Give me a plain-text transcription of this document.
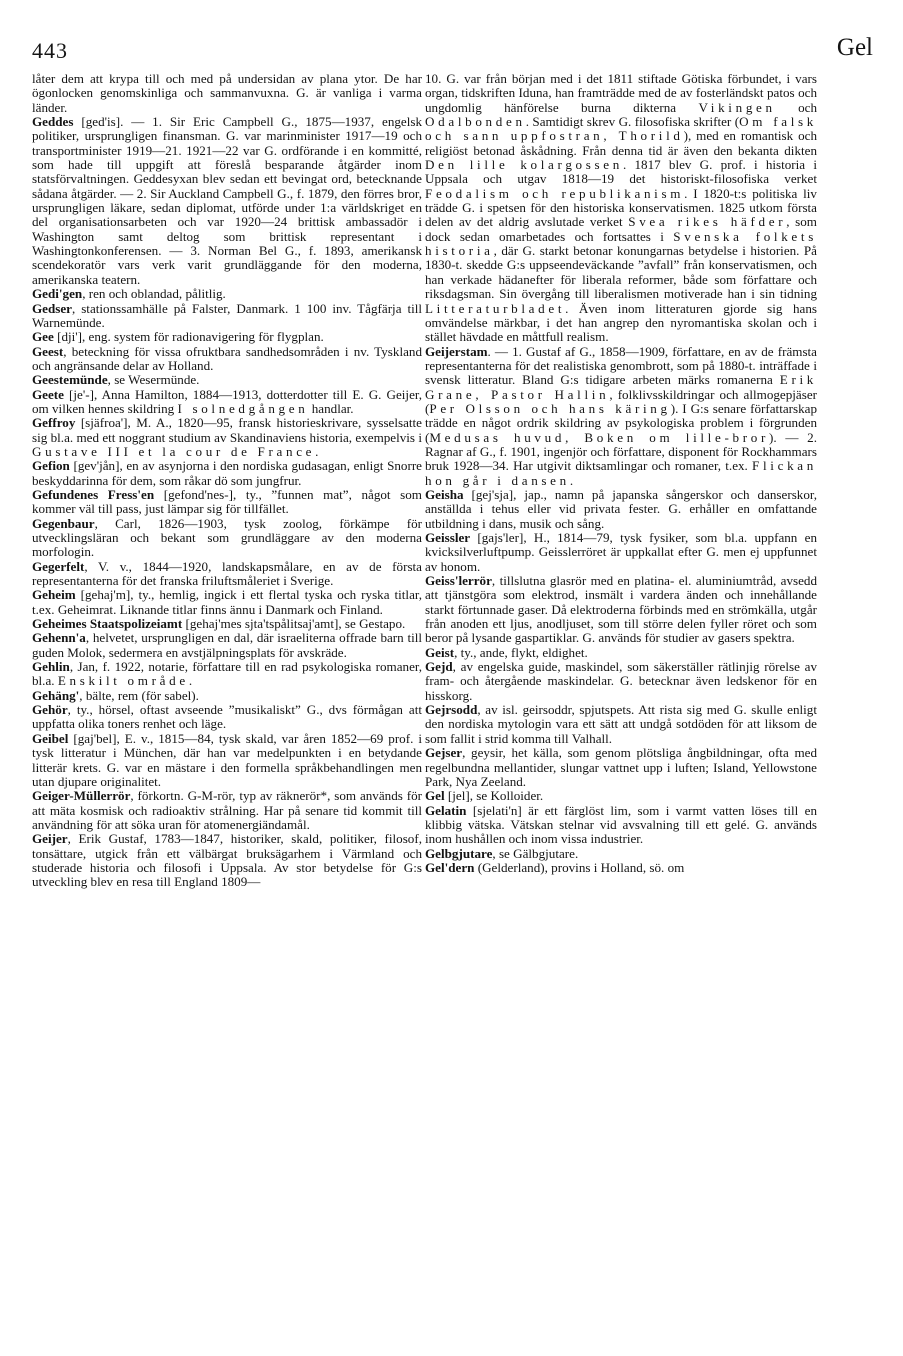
443	Gel

låter dem att krypa till och med på undersidan av plana ytor. De har ögonlocken genomskinliga och sammanvuxna. G. är vanliga i varma länder.

Geddes [ged'is]. — 1. Sir Eric Campbell G., 1875—1937, engelsk politiker, ursprungligen finansman. G. var marinminister 1917—19 och transportminister 1919—21. 1921—22 var G. ordförande i en kommitté, som hade till uppgift att föreslå besparande åtgärder inom statsförvaltningen. Geddesyxan blev sedan ett bevingat ord, betecknande sådana åtgärder. — 2. Sir Auckland Campbell G., f. 1879, den förres bror, ursprungligen läkare, sedan diplomat, utförde under 1:a världskriget en del organisationsarbeten och var 1920—24 brittisk ambassadör i Washington samt deltog som brittisk representant i Washingtonkonferensen. — 3. Norman Bel G., f. 1893, amerikansk scendekoratör vars verk varit grundläggande för den moderna, amerikanska teatern.

Gedi'gen, ren och oblandad, pålitlig.

Gedser, stationssamhälle på Falster, Danmark. 1 100 inv. Tågfärja till Warnemünde.

Gee [dji'], eng. system för radionavigering för flygplan.

Geest, beteckning för vissa ofruktbara sandhedsområden i nv. Tyskland och angränsande delar av Holland.

Geestemünde, se Wesermünde.

Geete [je'-], Anna Hamilton, 1884—1913, dotterdotter till E. G. Geijer, om vilken hennes skildring I solnedgången handlar.

Geffroy [sjäfroa'], M. A., 1820—95, fransk historieskrivare, sysselsatte sig bl.a. med ett noggrant studium av Skandinaviens historia, exempelvis i Gustave III et la cour de France.

Gefion [gev'jån], en av asynjorna i den nordiska gudasagan, enligt Snorre beskyddarinna för dem, som råkar dö som jungfrur.

Gefundenes Fress'en [gefond'nes-], ty., ”funnen mat”, något som kommer väl till pass, just lämpar sig för tillfället.

Gegenbaur, Carl, 1826—1903, tysk zoolog, förkämpe för utvecklingsläran och bekant som grundläggare av den moderna morfologin.

Gegerfelt, V. v., 1844—1920, landskapsmålare, en av de första representanterna för det franska friluftsmåleriet i Sverige.

Geheim [gehaj'm], ty., hemlig, ingick i ett flertal tyska och ryska titlar, t.ex. Geheimrat. Liknande titlar finns ännu i Danmark och Finland.

Geheimes Staatspolizeiamt [gehaj'mes sjta'tspålitsaj'amt], se Gestapo.

Gehenn'a, helvetet, ursprungligen en dal, där israeliterna offrade barn till guden Molok, sedermera en avstjälpningsplats för avskräde.

Gehlin, Jan, f. 1922, notarie, författare till en rad psykologiska romaner, bl.a. Enskilt område.

Gehäng', bälte, rem (för sabel).

Gehör, ty., hörsel, oftast avseende ”musikaliskt” G., dvs förmågan att uppfatta olika toners renhet och läge.

Geibel [gaj'bel], E. v., 1815—84, tysk skald, var åren 1852—69 prof. i tysk litteratur i München, där han var medelpunkten i en betydande litterär krets. G. var en mästare i den formella språkbehandlingen men utan djupare originalitet.

Geiger-Müllerrör, förkortn. G-M-rör, typ av räknerör*, som används för att mäta kosmisk och radioaktiv strålning. Har på senare tid kommit till användning för att söka uran för atomenergiändamål.

Geijer, Erik Gustaf, 1783—1847, historiker, skald, politiker, filosof, tonsättare, utgick från ett välbärgat bruksägarhem i Värmland och studerade historia och filosofi i Uppsala. Av stor betydelse för G:s utveckling blev en resa till England 1809—

10. G. var från början med i det 1811 stiftade Götiska förbundet, i vars organ, tidskriften Iduna, han framträdde med de av fosterländskt patos och ungdomlig hänförelse burna dikterna Vikingen och Odalbonden. Samtidigt skrev G. filosofiska skrifter (Om falsk och sann uppfostran, Thorild), med en romantisk och religiöst betonad åskådning. Från denna tid är även den bekanta dikten Den lille kolargossen. 1817 blev G. prof. i historia i Uppsala och utgav 1818—19 det historiskt-filosofiska verket Feodalism och republikanism. I 1820-t:s politiska liv trädde G. i spetsen för den historiska konservatismen. 1825 utkom första delen av det aldrig avslutade verket Svea rikes häfder, som dock sedan omarbetades och fortsattes i Svenska folkets historia, där G. starkt betonar konungarnas betydelse i historien. På 1830-t. skedde G:s uppseendeväckande ”avfall” från konservatismen, och han verkade hädanefter för liberala reformer, både som författare och riksdagsman. Sin övergång till liberalismen motiverade han i sin tidning Litteraturbladet. Även inom litteraturen gjorde sig hans omvändelse märkbar, i det han angrep den nyromantiska skolan och i stället hävdade en måttfull realism.

Geijerstam. — 1. Gustaf af G., 1858—1909, författare, en av de främsta representanterna för det realistiska genombrott, som på 1880-t. inträffade i svensk litteratur. Bland G:s tidigare arbeten märks romanerna Erik Grane, Pastor Hallin, folklivsskildringar och allmogepjäser (Per Olsson och hans käring). I G:s senare författarskap trädde en något ordrik skildring av psykologiska problem i förgrunden (Medusas huvud, Boken om lille-bror). — 2. Ragnar af G., f. 1901, ingenjör och författare, disponent för Rockhammars bruk 1928—34. Har utgivit diktsamlingar och romaner, t.ex. Flickan hon går i dansen.

Geisha [gej'sja], jap., namn på japanska sångerskor och danserskor, anställda i tehus eller vid privata fester. G. erhåller en omfattande utbildning i dans, musik och sång.

Geissler [gajs'ler], H., 1814—79, tysk fysiker, som bl.a. uppfann en kvicksilverluftpump. Geisslerröret är uppkallat efter G. men ej uppfunnet av honom.

Geiss'lerrör, tillslutna glasrör med en platina- el. aluminiumtråd, avsedd att tjänstgöra som elektrod, insmält i vardera änden och innehållande starkt förtunnade gaser. Då elektroderna förbinds med en strömkälla, utgår från anoden ett ljus, anodljuset, som till större delen fyller röret och som beror på lysande gaspartiklar. G. används för studier av gasers spektra.

Geist, ty., ande, flykt, eldighet.

Gejd, av engelska guide, maskindel, som säkerställer rätlinjig rörelse av fram- och återgående maskindelar. G. betecknar även ledskenor för en hisskorg.

Gejrsodd, av isl. geirsoddr, spjutspets. Att rista sig med G. skulle enligt den nordiska mytologin vara ett sätt att undgå sotdöden för att liksom de som fallit i strid komma till Valhall.

Gejser, geysir, het källa, som genom plötsliga ångbildningar, ofta med regelbundna mellantider, slungar vattnet upp i luften; Island, Yellowstone Park, Nya Zeeland.

Gel [jel], se Kolloider.

Gelatin [sjelati'n] är ett färglöst lim, som i varmt vatten löses till en klibbig vätska. Vätskan stelnar vid avsvalning till ett gelé. G. används inom hushållen och inom vissa industrier.

Gelbgjutare, se Gälbgjutare.

Gel'dern (Gelderland), provins i Holland, sö. om
